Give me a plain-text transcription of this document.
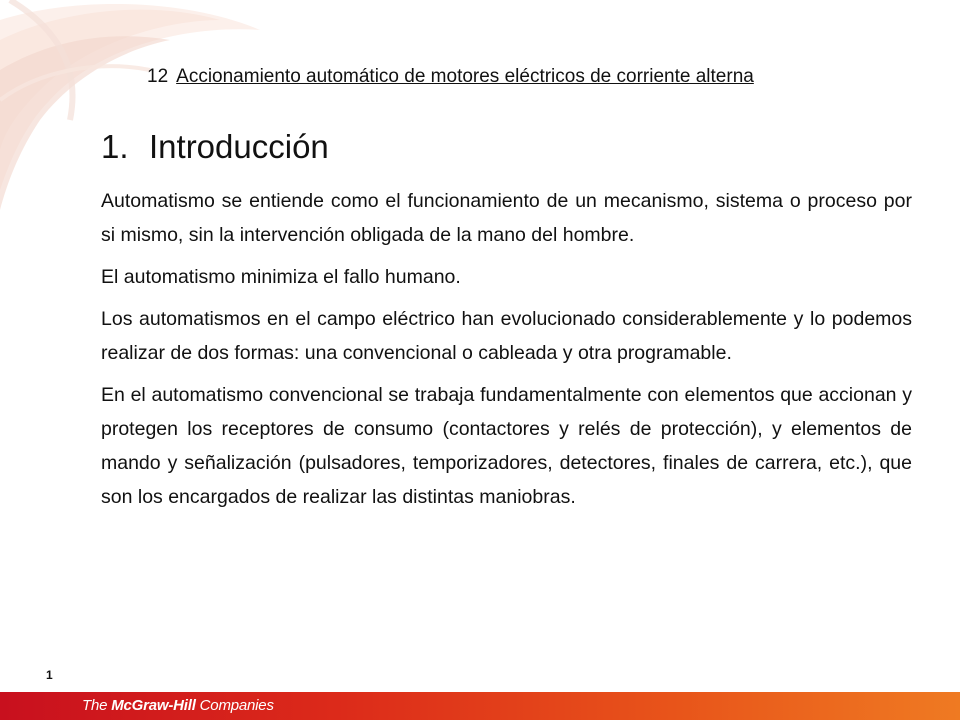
12 Accionamiento automático de motores eléctricos de corriente alterna
1. Introducción

Automatismo se entiende como el funcionamiento de un mecanismo, sistema o proceso por si mismo, sin la intervención obligada de la mano del hombre.

El automatismo minimiza el fallo humano.

Los automatismos en el campo eléctrico han evolucionado considerablemente y lo podemos realizar de dos formas: una convencional o cableada y otra programable.

En el automatismo convencional se trabaja fundamentalmente con elementos que accionan y protegen los receptores de consumo (contactores y relés de protección), y elementos de mando y señalización (pulsadores, temporizadores, detectores, finales de carrera, etc.), que son los encargados de realizar las distintas maniobras.

1
The McGraw-Hill Companies
